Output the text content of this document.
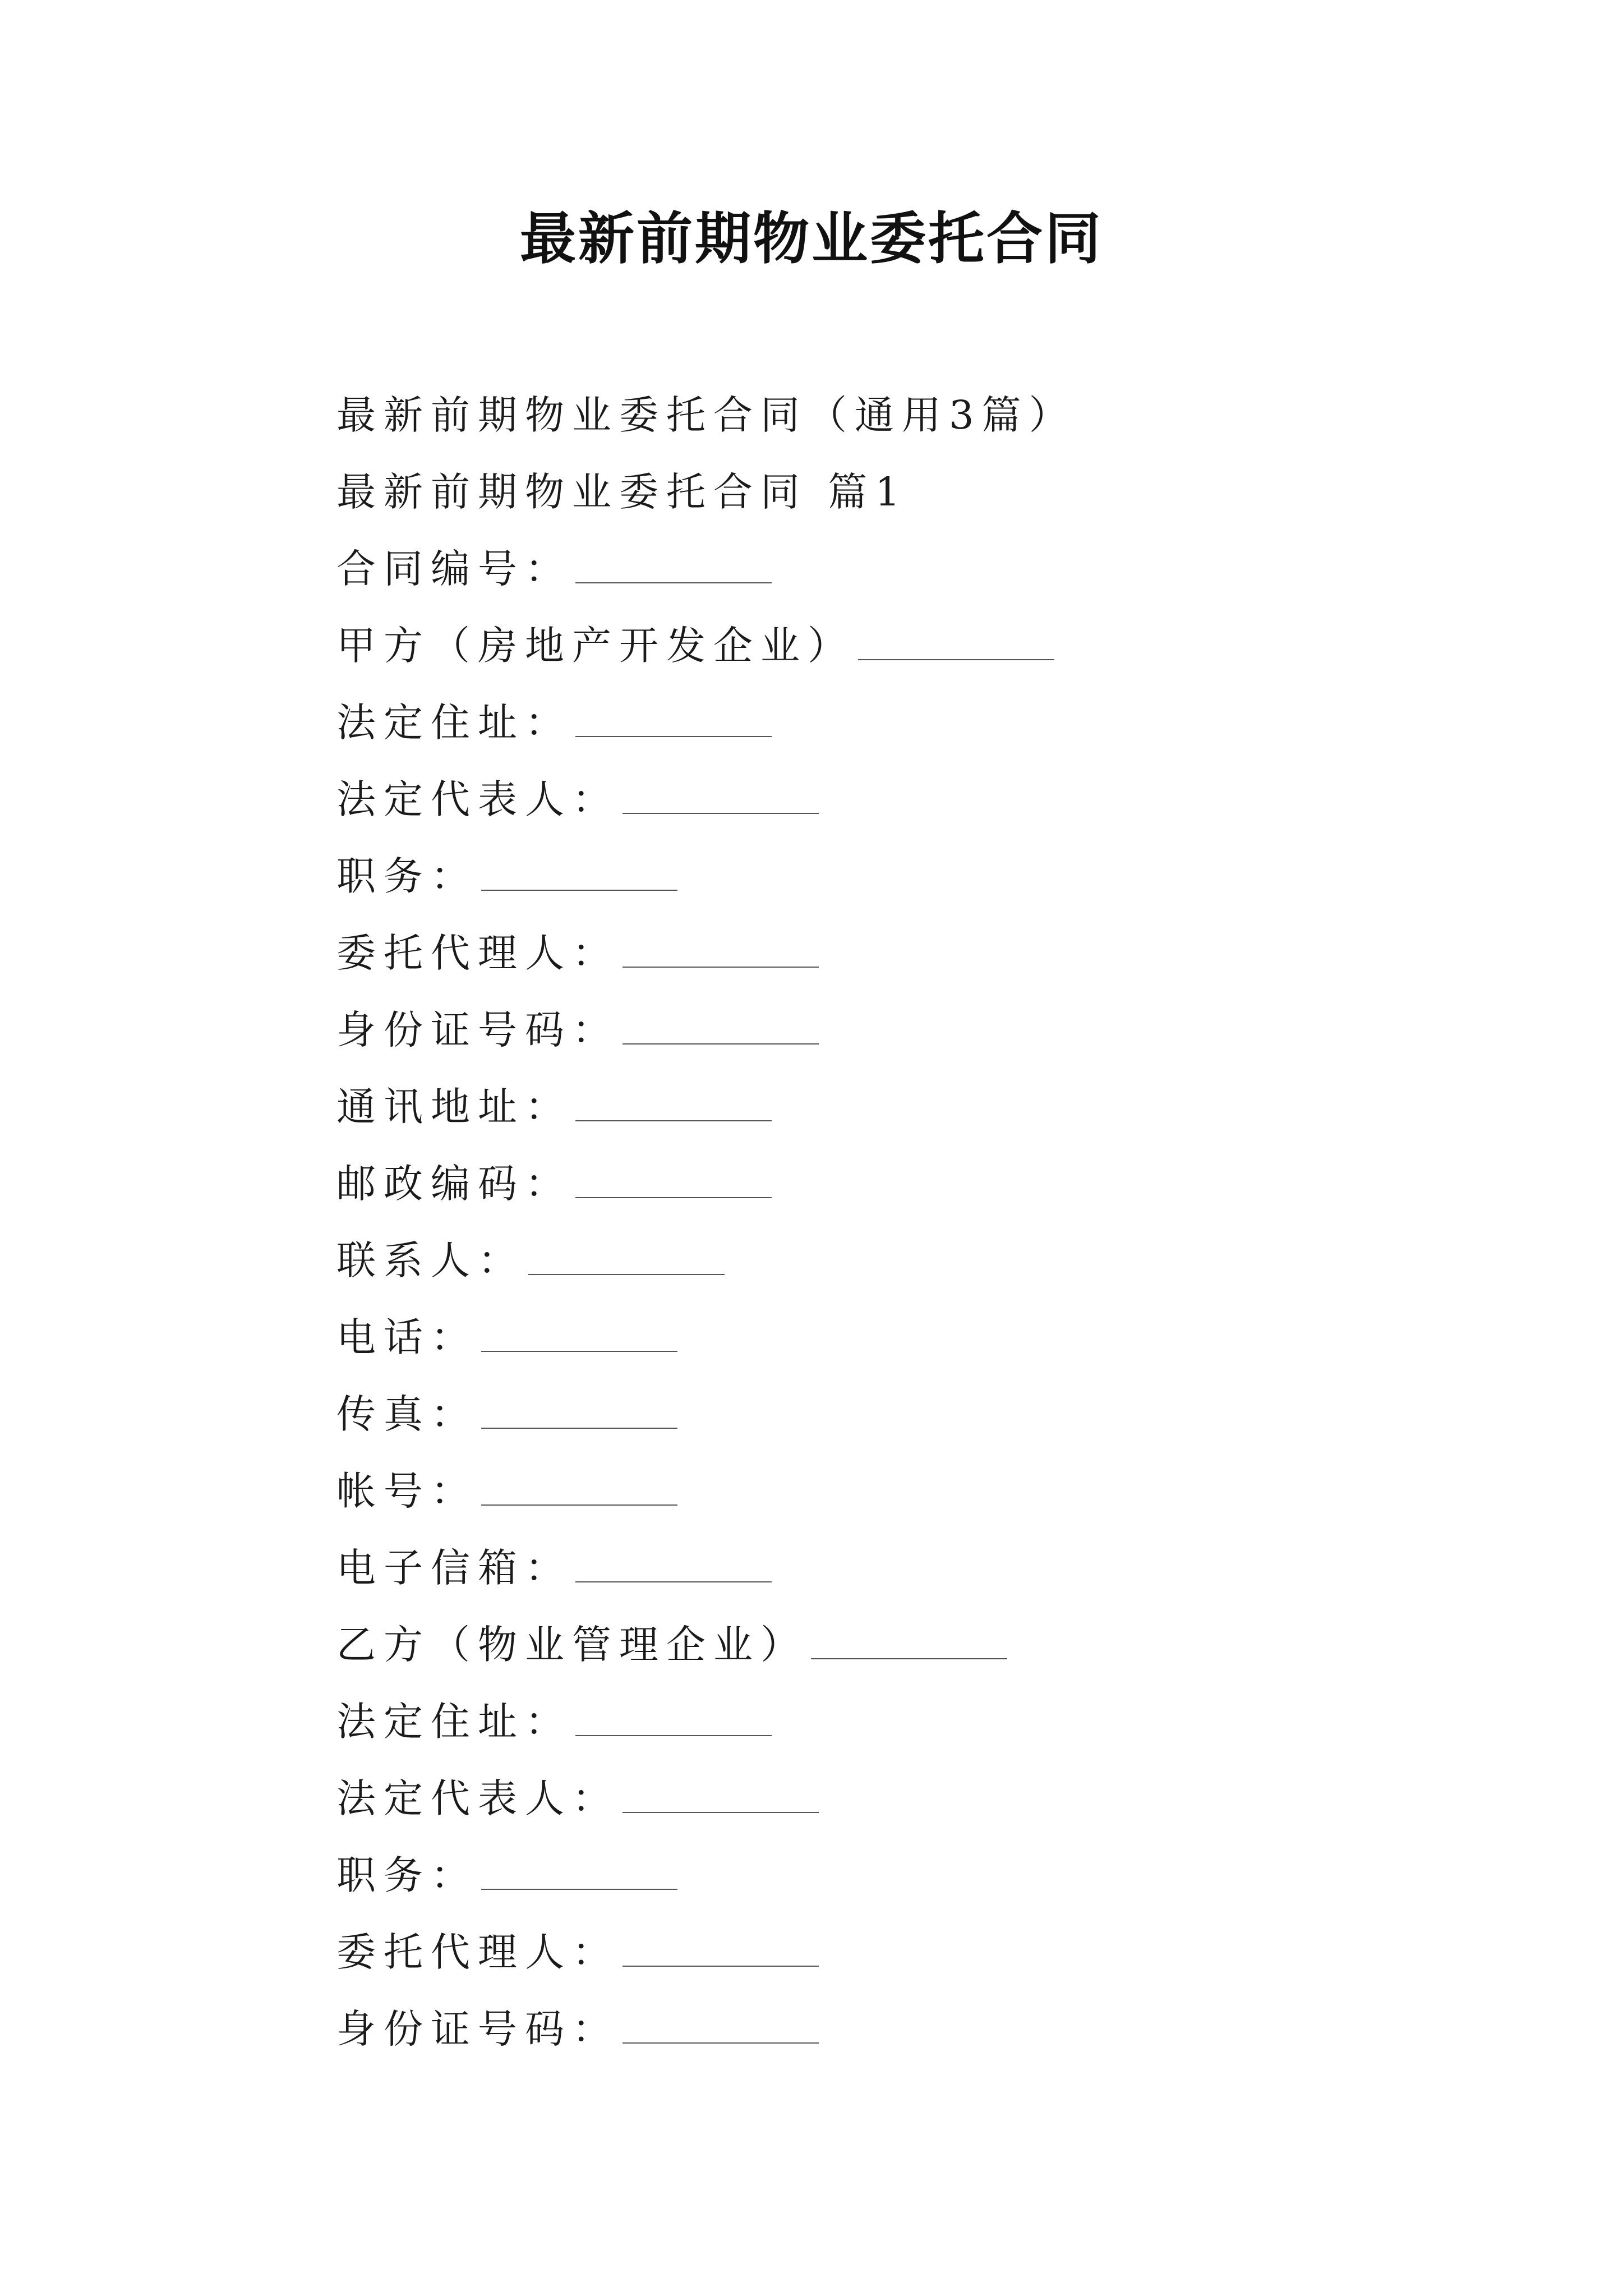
最新前期物业委托合同
最新前期物业委托合同（通用3篇）
最新前期物业委托合同 篇1
合同编号：
甲方（房地产开发企业）
法定住址：
法定代表人：
职务：
委托代理人：
身份证号码：
通讯地址：
邮政编码：
联系人：
电话：
传真：
帐号：
电子信箱：
乙方（物业管理企业）
法定住址：
法定代表人：
职务：
委托代理人：
身份证号码：
